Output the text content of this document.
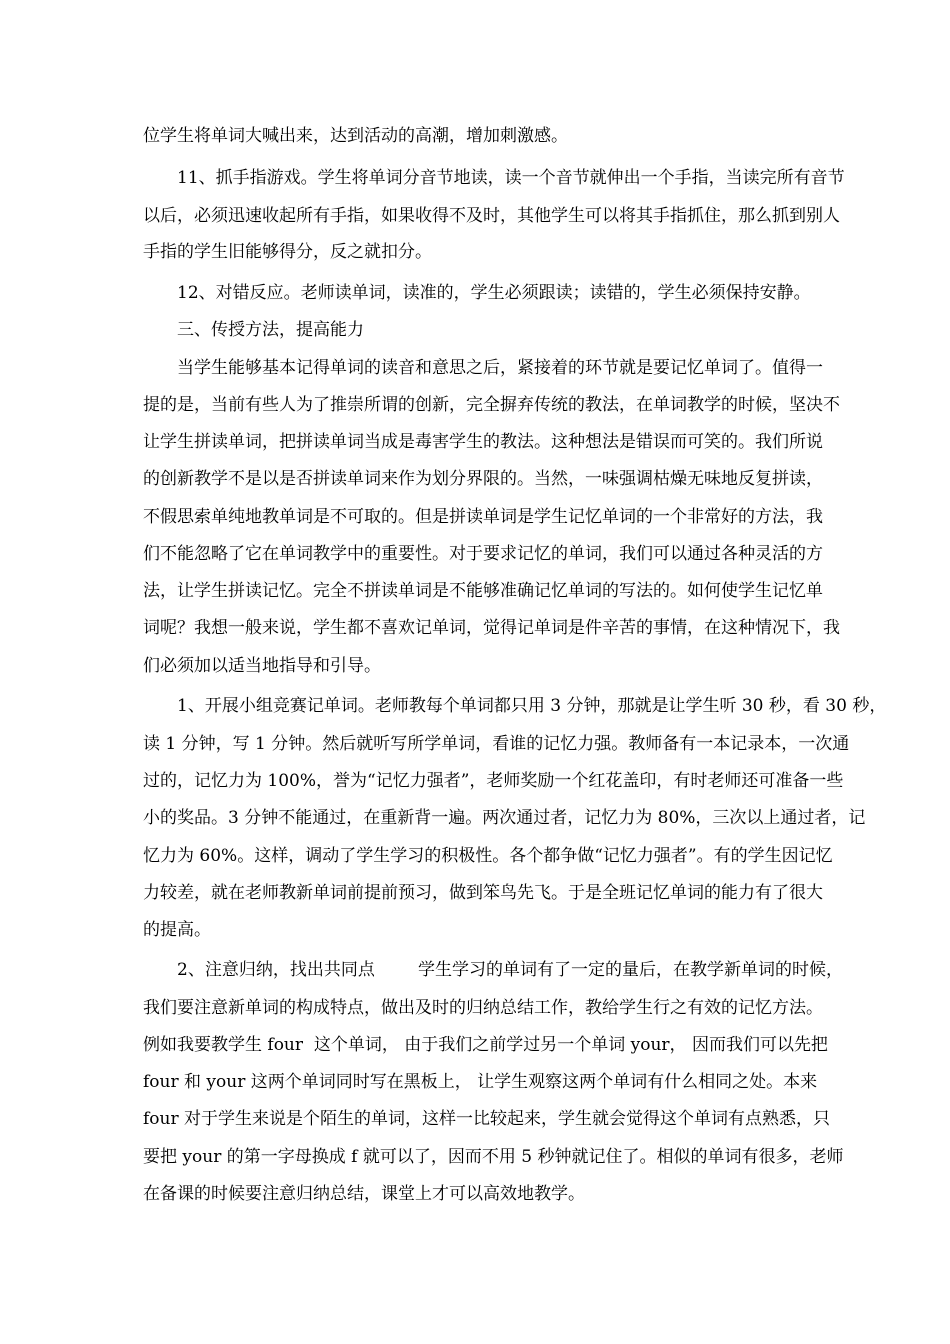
位学生将单词大喊出来，达到活动的高潮，增加刺激感。
11、抓手指游戏。学生将单词分音节地读，读一个音节就伸出一个手指，当读完所有音节
以后，必须迅速收起所有手指，如果收得不及时，其他学生可以将其手指抓住，那么抓到别人
手指的学生旧能够得分，反之就扣分。
12、对错反应。老师读单词，读准的，学生必须跟读；读错的，学生必须保持安静。
三、传授方法，提高能力
当学生能够基本记得单词的读音和意思之后，紧接着的环节就是要记忆单词了。值得一
提的是，当前有些人为了推崇所谓的创新，完全摒弃传统的教法，在单词教学的时候，坚决不
让学生拼读单词，把拼读单词当成是毒害学生的教法。这种想法是错误而可笑的。我们所说
的创新教学不是以是否拼读单词来作为划分界限的。当然，一味强调枯燥无味地反复拼读，
不假思索单纯地教单词是不可取的。但是拼读单词是学生记忆单词的一个非常好的方法，我
们不能忽略了它在单词教学中的重要性。对于要求记忆的单词，我们可以通过各种灵活的方
法，让学生拼读记忆。完全不拼读单词是不能够准确记忆单词的写法的。如何使学生记忆单
词呢？我想一般来说，学生都不喜欢记单词，觉得记单词是件辛苦的事情，在这种情况下，我
们必须加以适当地指导和引导。
1、开展小组竞赛记单词。老师教每个单词都只用 3 分钟，那就是让学生听 30 秒，看 30 秒，
读 1 分钟，写 1 分钟。然后就听写所学单词，看谁的记忆力强。教师备有一本记录本，一次通
过的，记忆力为 100%，誉为“记忆力强者”，老师奖励一个红花盖印，有时老师还可准备一些
小的奖品。3 分钟不能通过，在重新背一遍。两次通过者，记忆力为 80%，三次以上通过者，记
忆力为 60%。这样，调动了学生学习的积极性。各个都争做“记忆力强者”。有的学生因记忆
力较差，就在老师教新单词前提前预习，做到笨鸟先飞。于是全班记忆单词的能力有了很大
的提高。
2、注意归纳，找出共同点        学生学习的单词有了一定的量后，在教学新单词的时候，
我们要注意新单词的构成特点，做出及时的归纳总结工作，教给学生行之有效的记忆方法。
例如我要教学生 four  这个单词， 由于我们之前学过另一个单词 your， 因而我们可以先把
four 和 your 这两个单词同时写在黑板上， 让学生观察这两个单词有什么相同之处。本来
four 对于学生来说是个陌生的单词，这样一比较起来，学生就会觉得这个单词有点熟悉，只
要把 your 的第一字母换成 f 就可以了，因而不用 5 秒钟就记住了。相似的单词有很多，老师
在备课的时候要注意归纳总结，课堂上才可以高效地教学。
